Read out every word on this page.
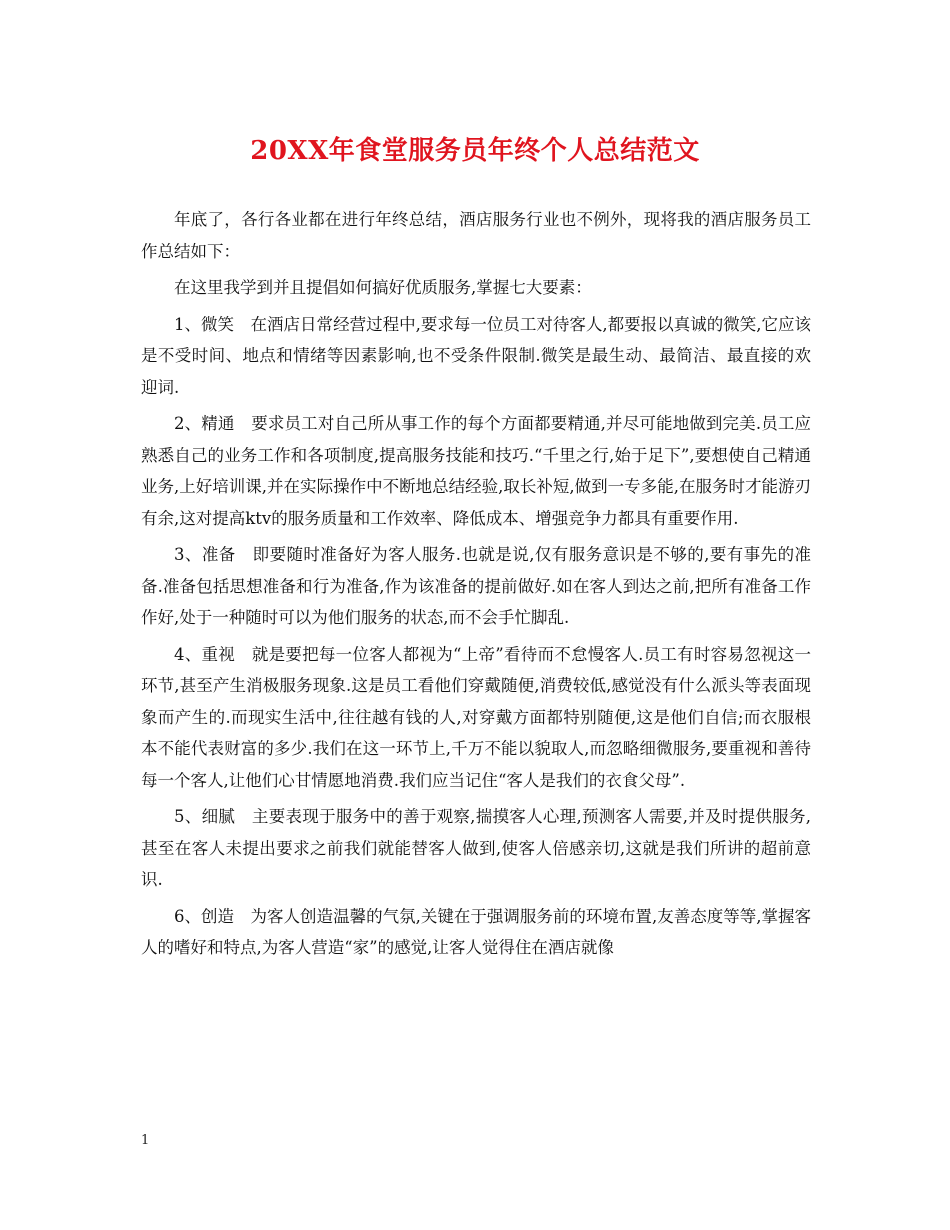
20XX年食堂服务员年终个人总结范文

年底了，各行各业都在进行年终总结，酒店服务行业也不例外，现将我的酒店服务员工作总结如下：

在这里我学到并且提倡如何搞好优质服务,掌握七大要素：

1、微笑　在酒店日常经营过程中,要求每一位员工对待客人,都要报以真诚的微笑,它应该是不受时间、地点和情绪等因素影响,也不受条件限制.微笑是最生动、最简洁、最直接的欢迎词.

2、精通　要求员工对自己所从事工作的每个方面都要精通,并尽可能地做到完美.员工应熟悉自己的业务工作和各项制度,提高服务技能和技巧.“千里之行,始于足下”,要想使自己精通业务,上好培训课,并在实际操作中不断地总结经验,取长补短,做到一专多能,在服务时才能游刃有余,这对提高ktv的服务质量和工作效率、降低成本、增强竞争力都具有重要作用.

3、准备　即要随时准备好为客人服务.也就是说,仅有服务意识是不够的,要有事先的准备.准备包括思想准备和行为准备,作为该准备的提前做好.如在客人到达之前,把所有准备工作作好,处于一种随时可以为他们服务的状态,而不会手忙脚乱.

4、重视　就是要把每一位客人都视为“上帝”看待而不怠慢客人.员工有时容易忽视这一环节,甚至产生消极服务现象.这是员工看他们穿戴随便,消费较低,感觉没有什么派头等表面现象而产生的.而现实生活中,往往越有钱的人,对穿戴方面都特别随便,这是他们自信;而衣服根本不能代表财富的多少.我们在这一环节上,千万不能以貌取人,而忽略细微服务,要重视和善待每一个客人,让他们心甘情愿地消费.我们应当记住“客人是我们的衣食父母”.

5、细腻　主要表现于服务中的善于观察,揣摸客人心理,预测客人需要,并及时提供服务,甚至在客人未提出要求之前我们就能替客人做到,使客人倍感亲切,这就是我们所讲的超前意识.

6、创造　为客人创造温馨的气氛,关键在于强调服务前的环境布置,友善态度等等,掌握客人的嗜好和特点,为客人营造“家”的感觉,让客人觉得住在酒店就像

1
